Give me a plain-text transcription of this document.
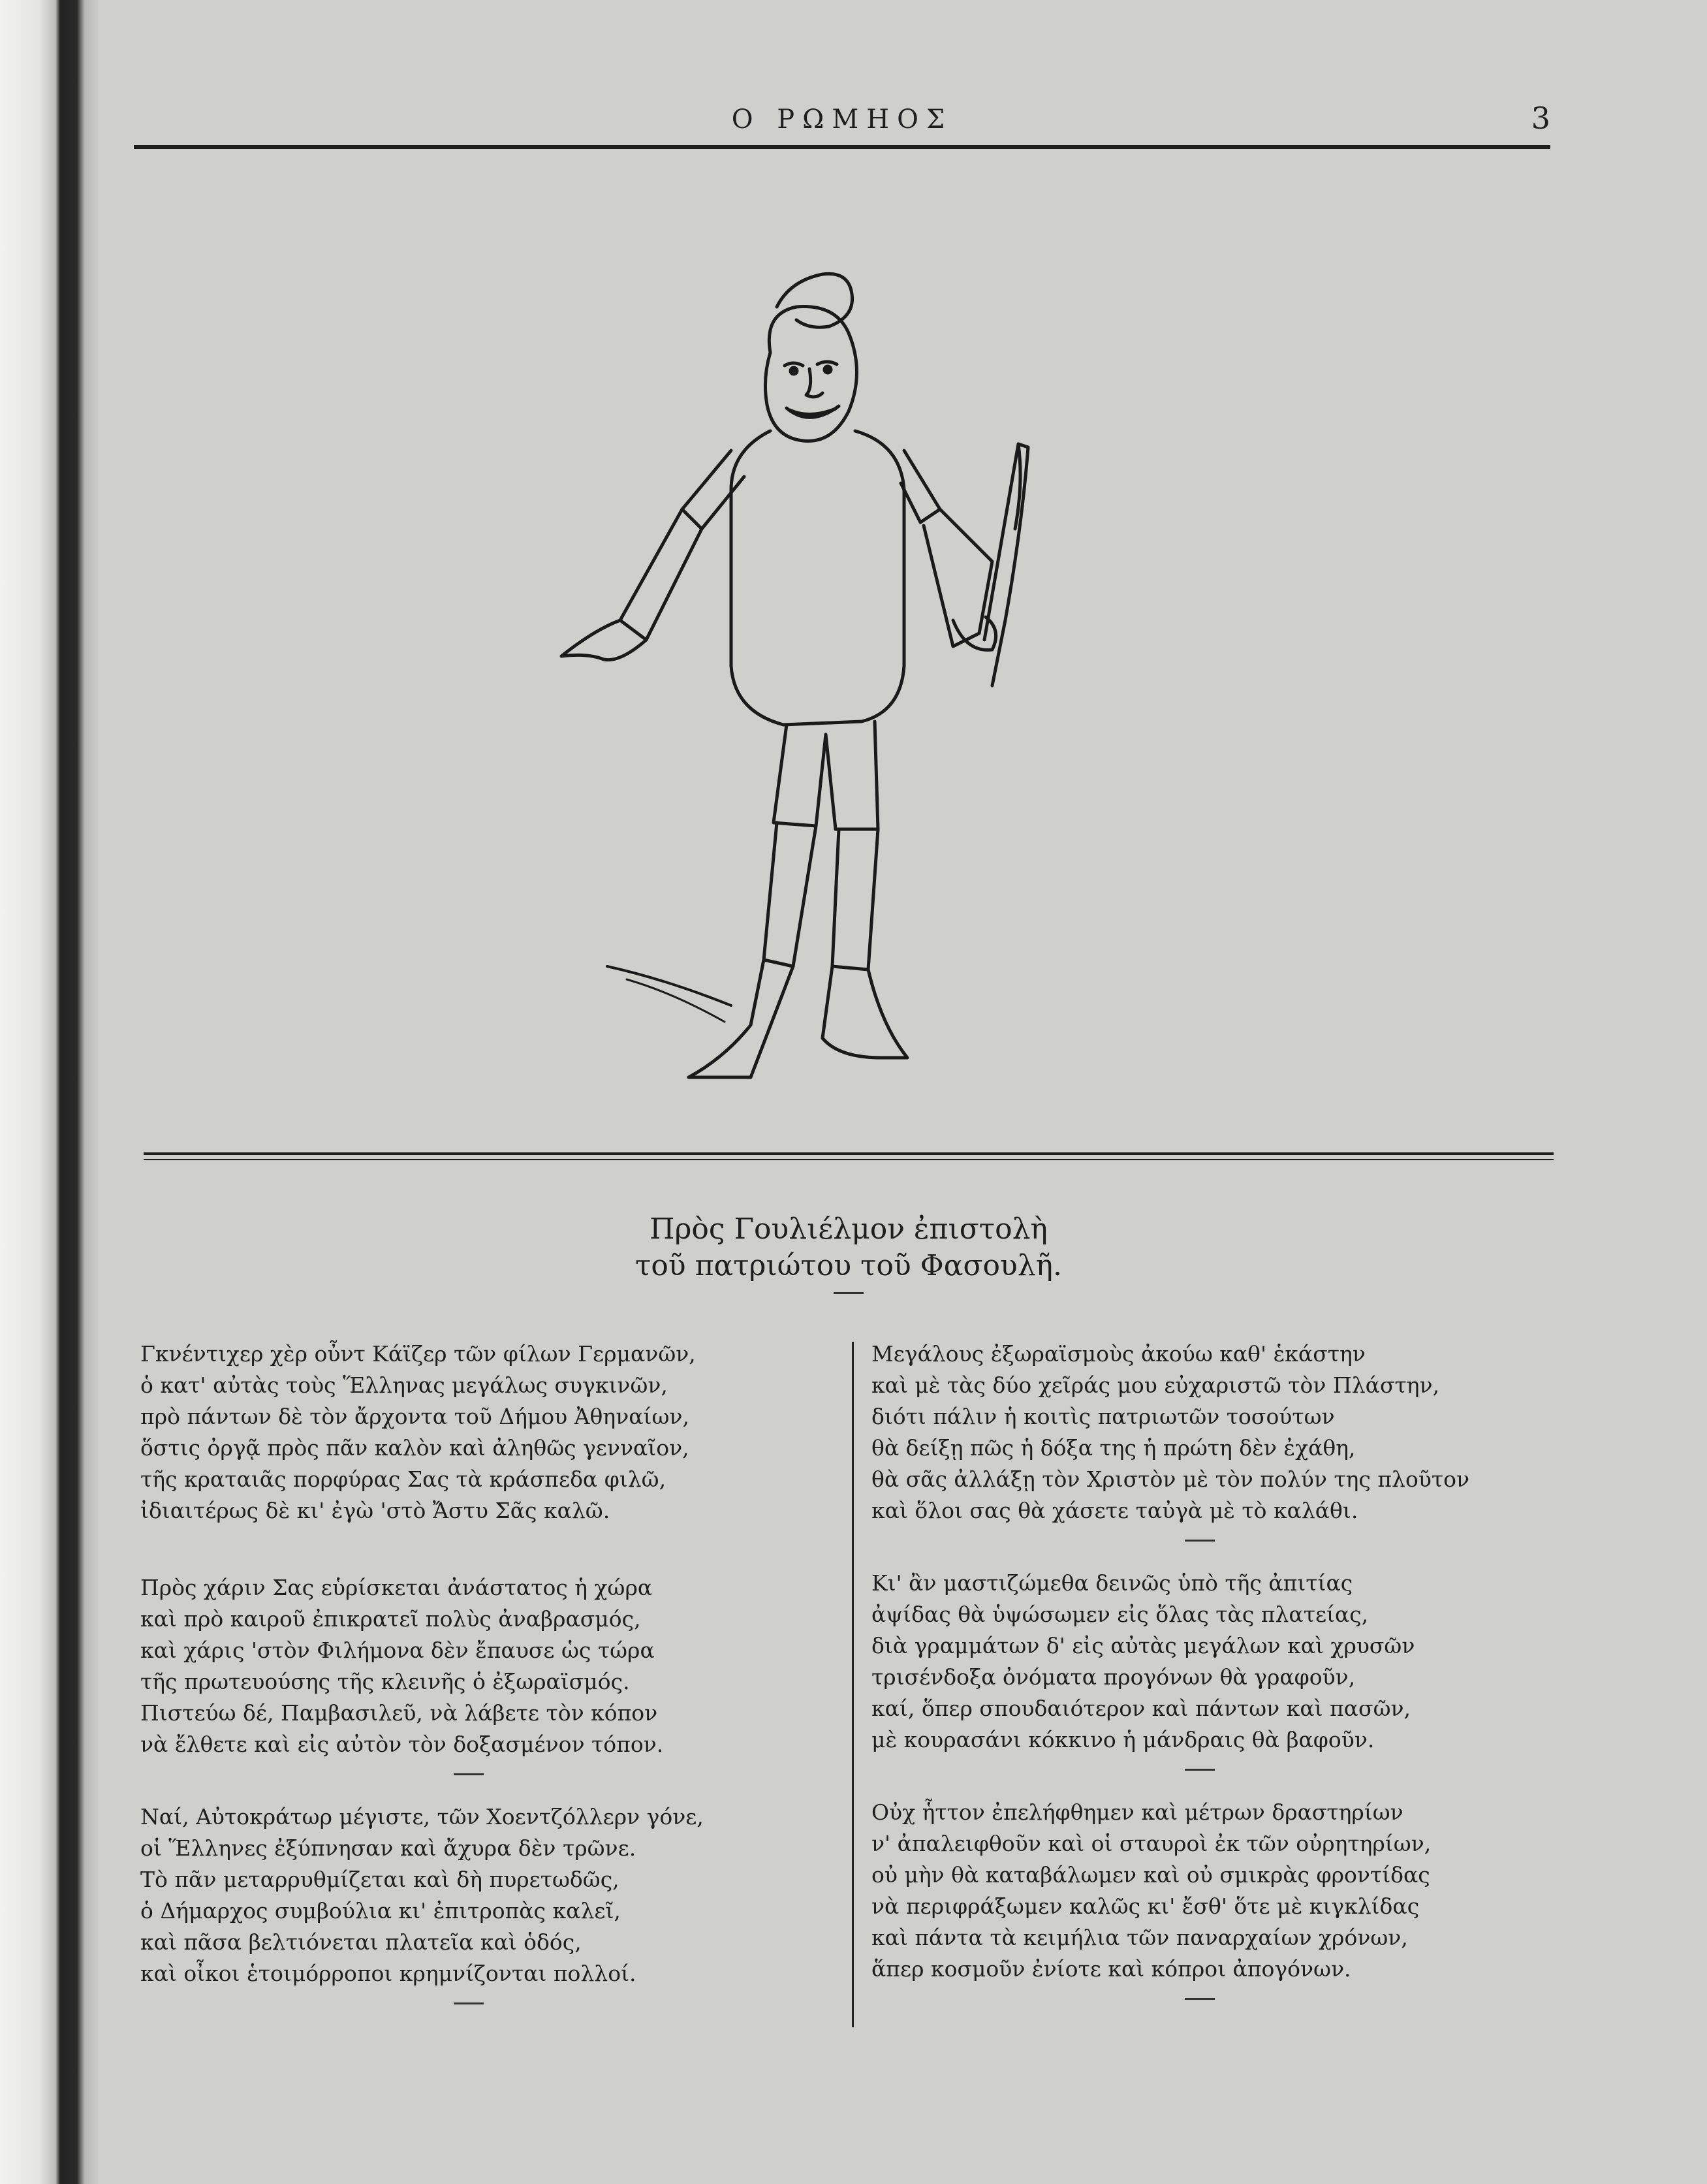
Ο ΡΩΜΗΟΣ	3

Πρὸς Γουλιέλμον ἐπιστολὴ

τοῦ πατριώτου τοῦ Φασουλῆ.

Γκνέντιχερ χὲρ οὖντ Κάϊζερ τῶν φίλων Γερμανῶν,
ὁ κατ' αὐτὰς τοὺς Ἕλληνας μεγάλως συγκινῶν,
πρὸ πάντων δὲ τὸν ἄρχοντα τοῦ Δήμου Ἀθηναίων,
ὅστις ὀργᾷ πρὸς πᾶν καλὸν καὶ ἀληθῶς γενναῖον,
τῆς κραταιᾶς πορφύρας Σας τὰ κράσπεδα φιλῶ,
ἰδιαιτέρως δὲ κι' ἐγὼ 'στὸ Ἄστυ Σᾶς καλῶ.
Πρὸς χάριν Σας εὑρίσκεται ἀνάστατος ἡ χώρα
καὶ πρὸ καιροῦ ἐπικρατεῖ πολὺς ἀναβρασμός,
καὶ χάρις 'στὸν Φιλήμονα δὲν ἔπαυσε ὡς τώρα
τῆς πρωτευούσης τῆς κλεινῆς ὁ ἐξωραϊσμός.
Πιστεύω δέ, Παμβασιλεῦ, νὰ λάβετε τὸν κόπον
νὰ ἔλθετε καὶ εἰς αὐτὸν τὸν δοξασμένον τόπον.
Ναί, Αὐτοκράτωρ μέγιστε, τῶν Χοεντζόλλερν γόνε,
οἱ Ἕλληνες ἐξύπνησαν καὶ ἄχυρα δὲν τρῶνε.
Τὸ πᾶν μεταρρυθμίζεται καὶ δὴ πυρετωδῶς,
ὁ Δήμαρχος συμβούλια κι' ἐπιτροπὰς καλεῖ,
καὶ πᾶσα βελτιόνεται πλατεῖα καὶ ὁδός,
καὶ οἶκοι ἑτοιμόρροποι κρημνίζονται πολλοί.
Μεγάλους ἐξωραϊσμοὺς ἀκούω καθ' ἑκάστην
καὶ μὲ τὰς δύο χεῖράς μου εὐχαριστῶ τὸν Πλάστην,
διότι πάλιν ἡ κοιτὶς πατριωτῶν τοσούτων
θὰ δείξῃ πῶς ἡ δόξα της ἡ πρώτη δὲν ἐχάθη,
θὰ σᾶς ἀλλάξῃ τὸν Χριστὸν μὲ τὸν πολύν της πλοῦτον
καὶ ὅλοι σας θὰ χάσετε ταὐγὰ μὲ τὸ καλάθι.
Κι' ἂν μαστιζώμεθα δεινῶς ὑπὸ τῆς ἀπιτίας
ἀψίδας θὰ ὑψώσωμεν εἰς ὅλας τὰς πλατείας,
διὰ γραμμάτων δ' εἰς αὐτὰς μεγάλων καὶ χρυσῶν
τρισένδοξα ὀνόματα προγόνων θὰ γραφοῦν,
καί, ὅπερ σπουδαιότερον καὶ πάντων καὶ πασῶν,
μὲ κουρασάνι κόκκινο ἡ μάνδραις θὰ βαφοῦν.
Οὐχ ἧττον ἐπελήφθημεν καὶ μέτρων δραστηρίων
ν' ἀπαλειφθοῦν καὶ οἱ σταυροὶ ἐκ τῶν οὐρητηρίων,
οὐ μὴν θὰ καταβάλωμεν καὶ οὐ σμικρὰς φροντίδας
νὰ περιφράξωμεν καλῶς κι' ἔσθ' ὅτε μὲ κιγκλίδας
καὶ πάντα τὰ κειμήλια τῶν παναρχαίων χρόνων,
ἅπερ κοσμοῦν ἐνίοτε καὶ κόπροι ἀπογόνων.
